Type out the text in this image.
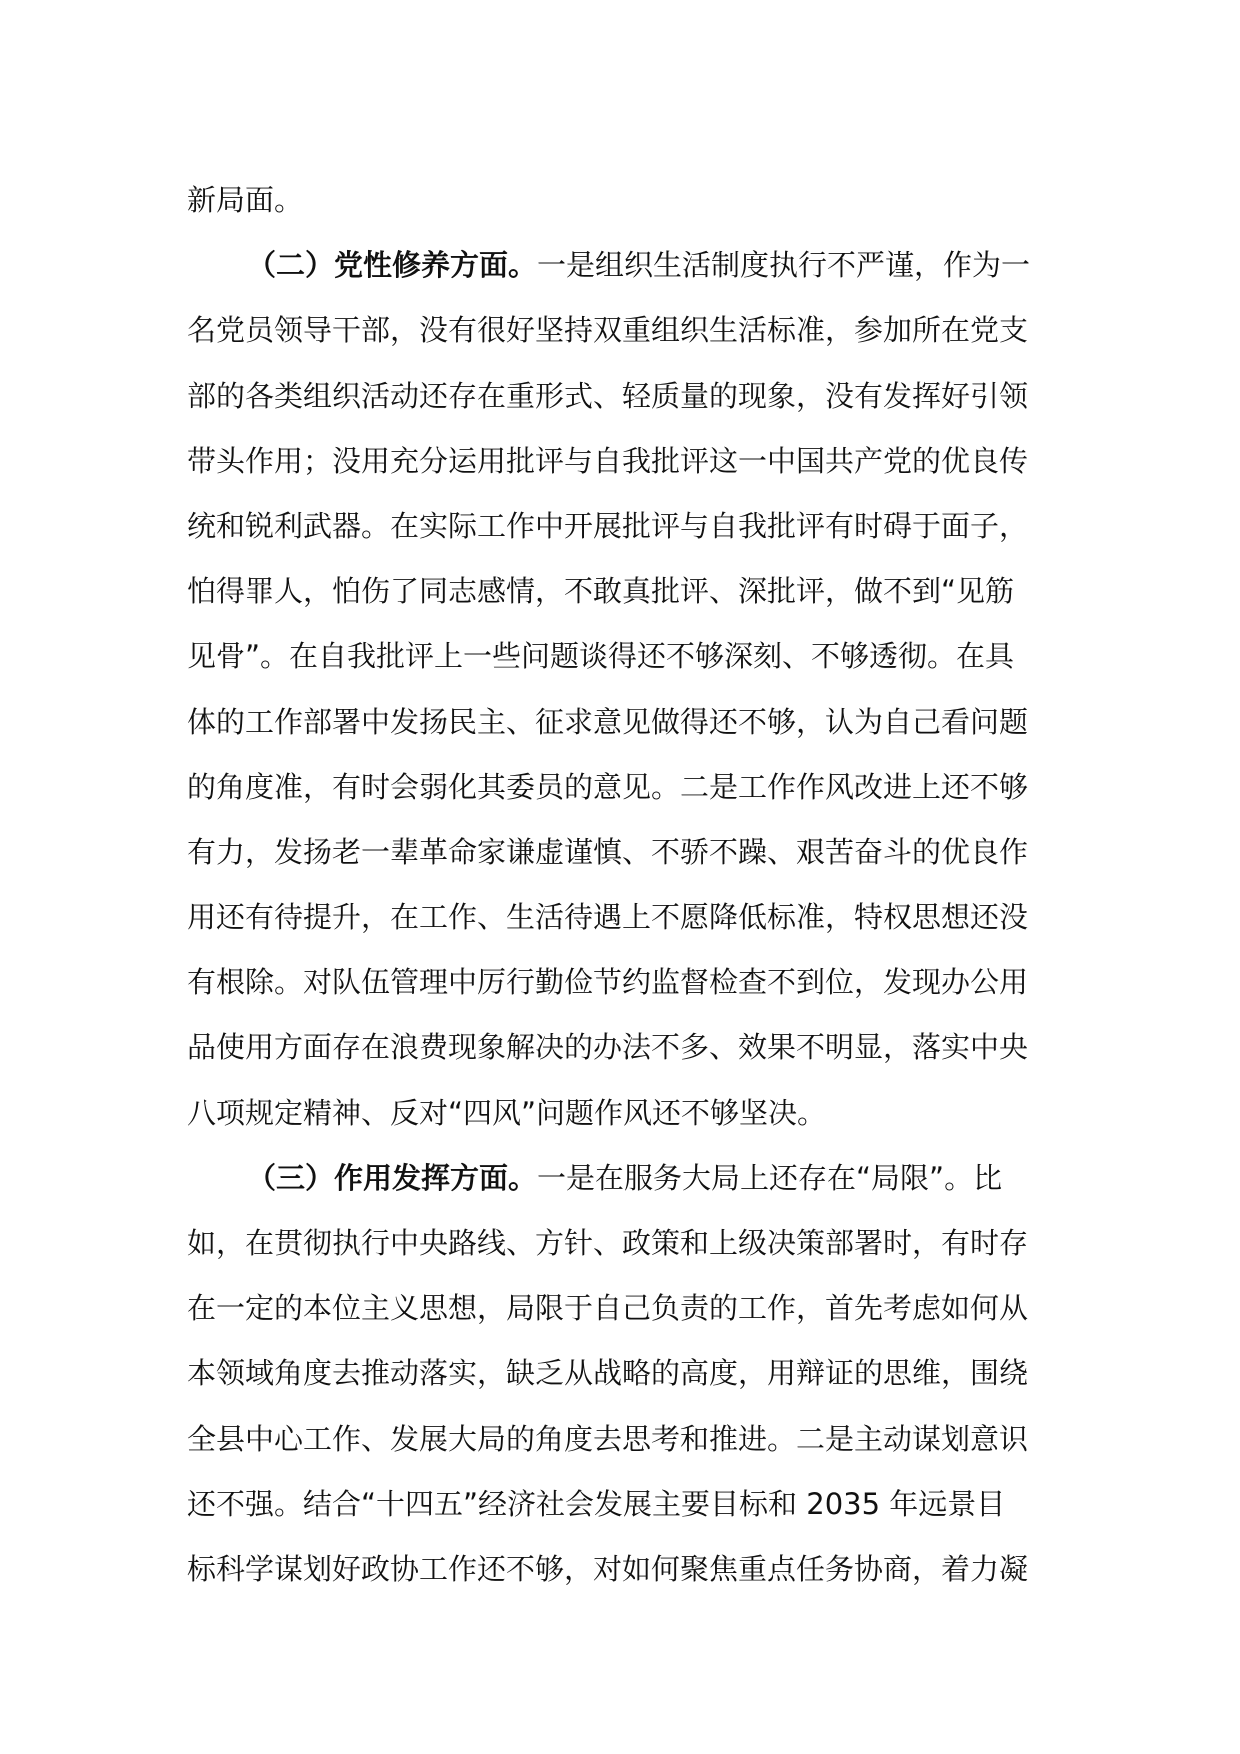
新局面。
（二）党性修养方面。一是组织生活制度执行不严谨，作为一
名党员领导干部，没有很好坚持双重组织生活标准，参加所在党支
部的各类组织活动还存在重形式、轻质量的现象，没有发挥好引领
带头作用；没用充分运用批评与自我批评这一中国共产党的优良传
统和锐利武器。在实际工作中开展批评与自我批评有时碍于面子，
怕得罪人，怕伤了同志感情，不敢真批评、深批评，做不到“见筋
见骨”。在自我批评上一些问题谈得还不够深刻、不够透彻。在具
体的工作部署中发扬民主、征求意见做得还不够，认为自己看问题
的角度准，有时会弱化其委员的意见。二是工作作风改进上还不够
有力，发扬老一辈革命家谦虚谨慎、不骄不躁、艰苦奋斗的优良作
用还有待提升，在工作、生活待遇上不愿降低标准，特权思想还没
有根除。对队伍管理中厉行勤俭节约监督检查不到位，发现办公用
品使用方面存在浪费现象解决的办法不多、效果不明显，落实中央
八项规定精神、反对“四风”问题作风还不够坚决。
（三）作用发挥方面。一是在服务大局上还存在“局限”。比
如，在贯彻执行中央路线、方针、政策和上级决策部署时，有时存
在一定的本位主义思想，局限于自己负责的工作，首先考虑如何从
本领域角度去推动落实，缺乏从战略的高度，用辩证的思维，围绕
全县中心工作、发展大局的角度去思考和推进。二是主动谋划意识
还不强。结合“十四五”经济社会发展主要目标和 2035 年远景目
标科学谋划好政协工作还不够，对如何聚焦重点任务协商，着力凝
